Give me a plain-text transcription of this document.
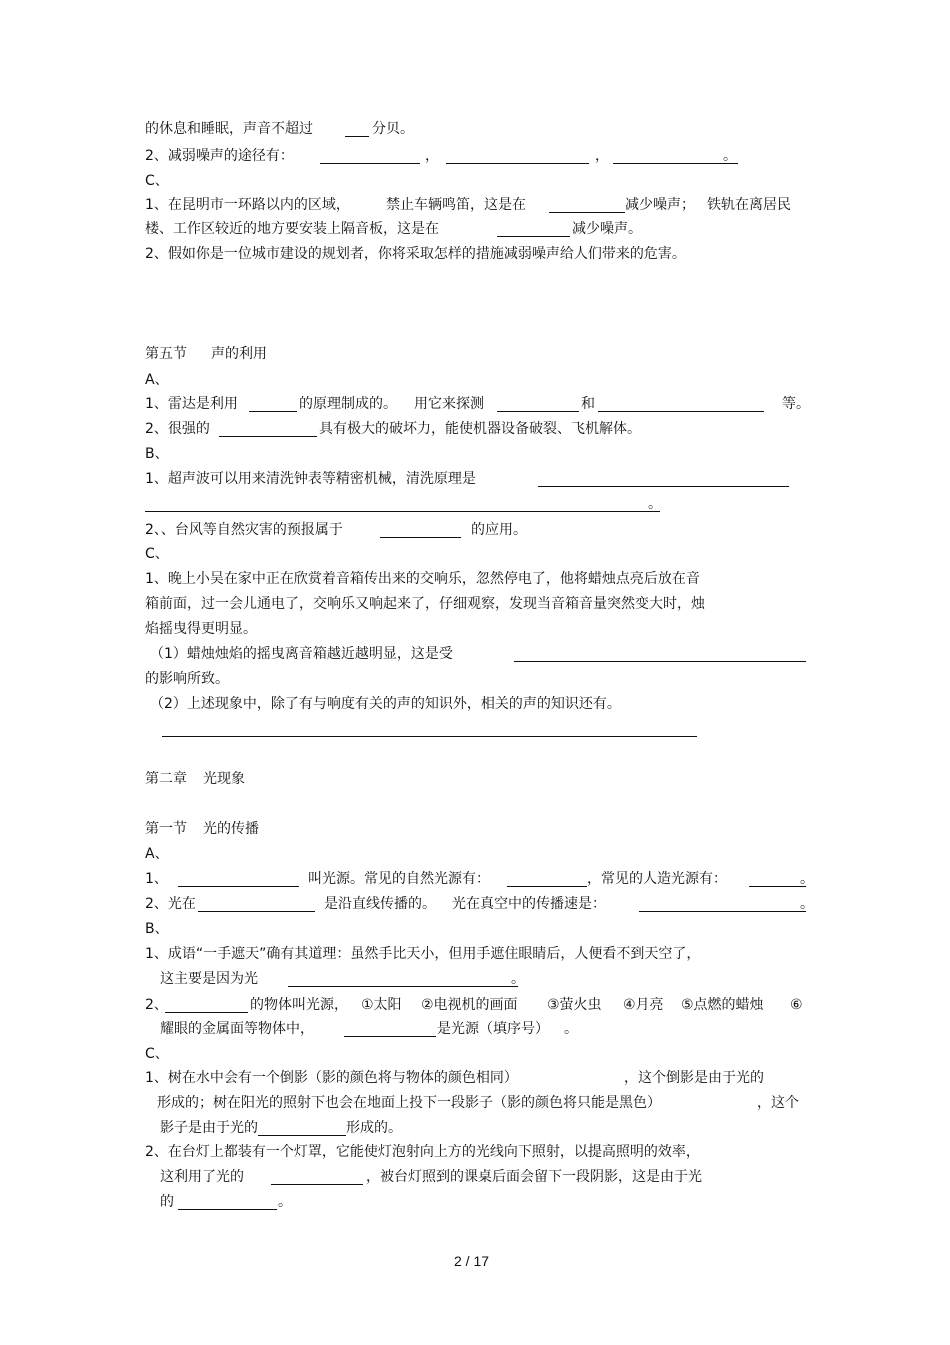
的休息和睡眠，声音不超过	分贝。
2、减弱噪声的途径有：	，	，	。
C、
1、在昆明市一环路以内的区域，	禁止车辆鸣笛，这是在	减少噪声； 铁轨在离居民
楼、工作区较近的地方要安装上隔音板，这是在	减少噪声。
2、假如你是一位城市建设的规划者，你将采取怎样的措施减弱噪声给人们带来的危害。
第五节 声的利用
A、
1、雷达是利用	的原理制成的。 用它来探测	和	等。
2、很强的	具有极大的破坏力，能使机器设备破裂、飞机解体。
B、
1、超声波可以用来清洗钟表等精密机械，清洗原理是
。
2、、台风等自然灾害的预报属于	的应用。
C、
1、晚上小吴在家中正在欣赏着音箱传出来的交响乐，忽然停电了，他将蜡烛点亮后放在音
箱前面，过一会儿通电了，交响乐又响起来了，仔细观察，发现当音箱音量突然变大时，烛
焰摇曳得更明显。
（1）蜡烛烛焰的摇曳离音箱越近越明显，这是受
的影响所致。
（2）上述现象中，除了有与响度有关的声的知识外，相关的声的知识还有。
第二章 光现象
第一节 光的传播
A、
1、	叫光源。常见的自然光源有：	，常见的人造光源有：	。
2、光在	是沿直线传播的。 光在真空中的传播速是：	。
B、
1、成语“一手遮天”确有其道理：虽然手比天小，但用手遮住眼睛后，人便看不到天空了，
这主要是因为光	。
2、	的物体叫光源， ①太阳 ②电视机的画面 ③萤火虫 ④月亮 ⑤点燃的蜡烛 ⑥
耀眼的金属面等物体中，	是光源（填序号） 。
C、
1、树在水中会有一个倒影（影的颜色将与物体的颜色相同）	，这个倒影是由于光的
形成的；树在阳光的照射下也会在地面上投下一段影子（影的颜色将只能是黑色）	，这个
影子是由于光的	形成的。
2、在台灯上都装有一个灯罩，它能使灯泡射向上方的光线向下照射，以提高照明的效率，
这利用了光的	，被台灯照到的课桌后面会留下一段阴影，这是由于光
的	。
2 / 17
